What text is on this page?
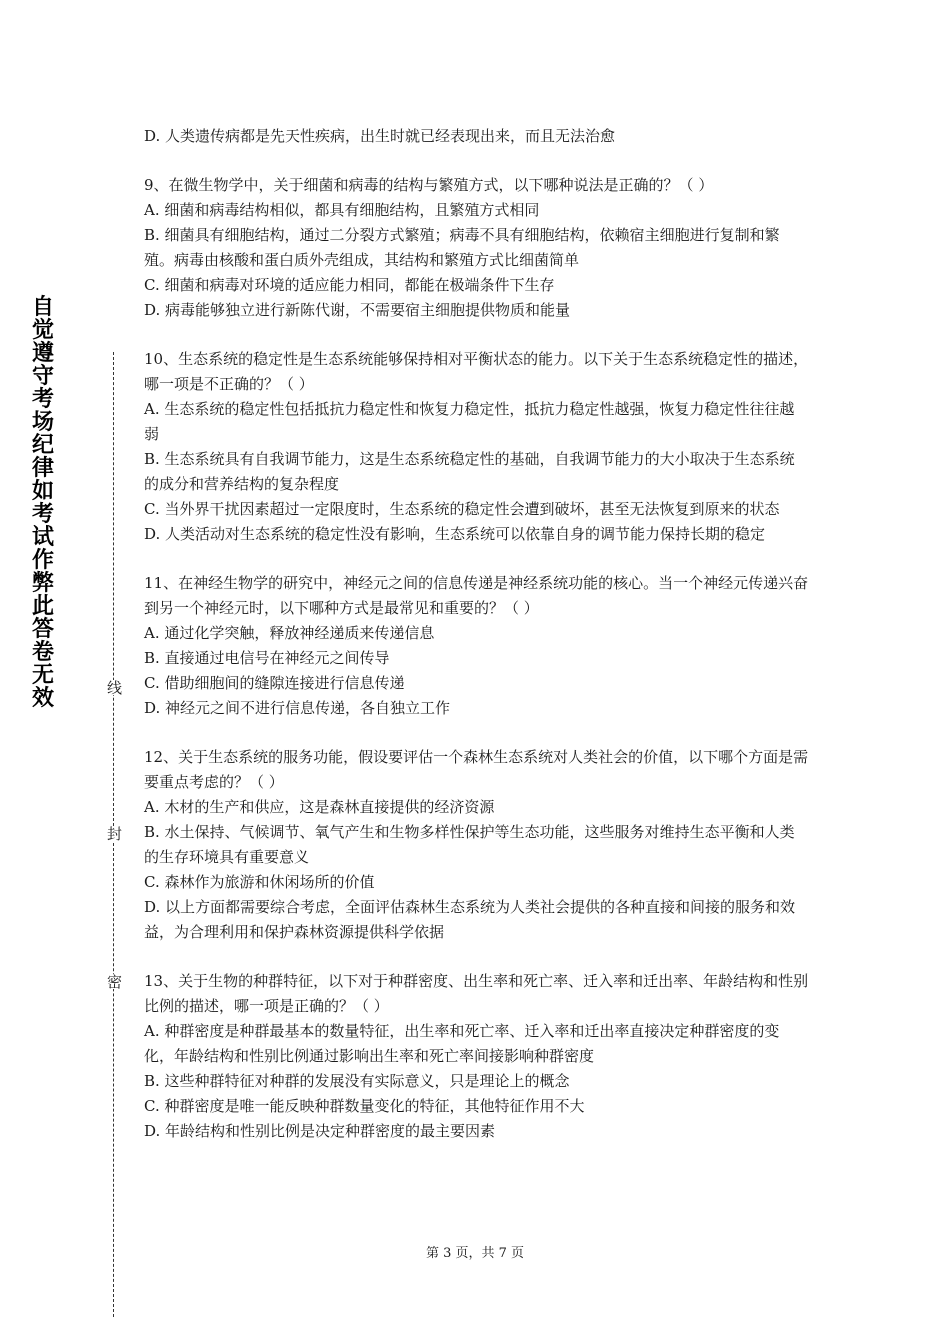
自觉遵守考场纪律如考试作弊此答卷无效	线
封
密

D. 人类遗传病都是先天性疾病，出生时就已经表现出来，而且无法治愈

9、在微生物学中，关于细菌和病毒的结构与繁殖方式，以下哪种说法是正确的？（ ）

A. 细菌和病毒结构相似，都具有细胞结构，且繁殖方式相同

B. 细菌具有细胞结构，通过二分裂方式繁殖；病毒不具有细胞结构，依赖宿主细胞进行复制和繁殖。病毒由核酸和蛋白质外壳组成，其结构和繁殖方式比细菌简单

C. 细菌和病毒对环境的适应能力相同，都能在极端条件下生存

D. 病毒能够独立进行新陈代谢，不需要宿主细胞提供物质和能量

10、生态系统的稳定性是生态系统能够保持相对平衡状态的能力。以下关于生态系统稳定性的描述，哪一项是不正确的？（ ）

A. 生态系统的稳定性包括抵抗力稳定性和恢复力稳定性，抵抗力稳定性越强，恢复力稳定性往往越弱

B. 生态系统具有自我调节能力，这是生态系统稳定性的基础，自我调节能力的大小取决于生态系统的成分和营养结构的复杂程度

C. 当外界干扰因素超过一定限度时，生态系统的稳定性会遭到破坏，甚至无法恢复到原来的状态

D. 人类活动对生态系统的稳定性没有影响，生态系统可以依靠自身的调节能力保持长期的稳定

11、在神经生物学的研究中，神经元之间的信息传递是神经系统功能的核心。当一个神经元传递兴奋到另一个神经元时，以下哪种方式是最常见和重要的？（ ）

A. 通过化学突触，释放神经递质来传递信息

B. 直接通过电信号在神经元之间传导

C. 借助细胞间的缝隙连接进行信息传递

D. 神经元之间不进行信息传递，各自独立工作

12、关于生态系统的服务功能，假设要评估一个森林生态系统对人类社会的价值，以下哪个方面是需要重点考虑的？（ ）

A. 木材的生产和供应，这是森林直接提供的经济资源

B. 水土保持、气候调节、氧气产生和生物多样性保护等生态功能，这些服务对维持生态平衡和人类的生存环境具有重要意义

C. 森林作为旅游和休闲场所的价值

D. 以上方面都需要综合考虑，全面评估森林生态系统为人类社会提供的各种直接和间接的服务和效益，为合理利用和保护森林资源提供科学依据

13、关于生物的种群特征，以下对于种群密度、出生率和死亡率、迁入率和迁出率、年龄结构和性别比例的描述，哪一项是正确的？（ ）

A. 种群密度是种群最基本的数量特征，出生率和死亡率、迁入率和迁出率直接决定种群密度的变化，年龄结构和性别比例通过影响出生率和死亡率间接影响种群密度

B. 这些种群特征对种群的发展没有实际意义，只是理论上的概念

C. 种群密度是唯一能反映种群数量变化的特征，其他特征作用不大

D. 年龄结构和性别比例是决定种群密度的最主要因素

第 3 页，共 7 页
